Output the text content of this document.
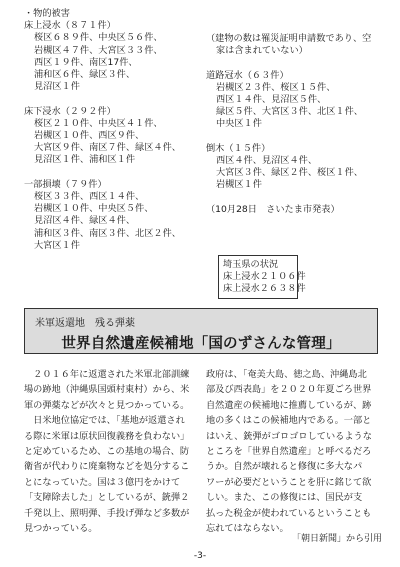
・物的被害
床上浸水（８７１件）
桜区６８９件、中央区５６件、
岩槻区４７件、大宮区３３件、
西区１９件、南区17件、
浦和区６件、緑区３件、
見沼区１件
床下浸水（２９２件）
桜区２１０件、中央区４１件、
岩槻区１０件、西区９件、
大宮区９件、南区７件、緑区４件、
見沼区１件、浦和区１件
一部損壊（７９件）
桜区３３件、西区１４件、
岩槻区１０件、中央区５件、
見沼区４件、緑区４件、
浦和区３件、南区３件、北区２件、
大宮区１件
（建物の数は罹災証明申請数であり、空
家は含まれていない）
道路冠水（６３件）
岩槻区２３件、桜区１５件、
西区１４件、見沼区５件、
緑区５件、大宮区３件、北区１件、
中央区１件
倒木（１５件）
西区４件、見沼区４件、
大宮区３件、緑区２件、桜区１件、
岩槻区１件
（10月28日　さいたま市発表）
埼玉県の状況
床上浸水２１０６件
床上浸水２６３８件
米軍返還地　残る弾薬
世界自然遺産候補地「国のずさんな管理」
　２０１６年に返還された米軍北部訓練
場の跡地（沖縄県国頭村東村）から、米
軍の弾薬などが次々と見つかっている。
　日米地位協定では、「基地が返還され
る際に米軍は原状回復義務を負わない」
と定めているため、この基地の場合、防
衛省が代わりに廃棄物などを処分するこ
とになっていた。国は３億円をかけて
「支障除去した」としているが、銃弾２
千発以上、照明弾、手投げ弾など多数が
見つかっている。
政府は、「奄美大島、徳之島、沖縄島北
部及び西表島」を２０２０年夏ごろ世界
自然遺産の候補地に推薦しているが、跡
地の多くはこの候補地内である。一部と
はいえ、銃弾がゴロゴロしているような
ところを「世界自然遺産」と呼べるだろ
うか。自然が壊れると修復に多大なパ
ワーが必要だということを肝に銘じて欲
しい。また、この修復には、国民が支
払った税金が使われているということも
忘れてはならない。
「朝日新聞」から引用
-3-
